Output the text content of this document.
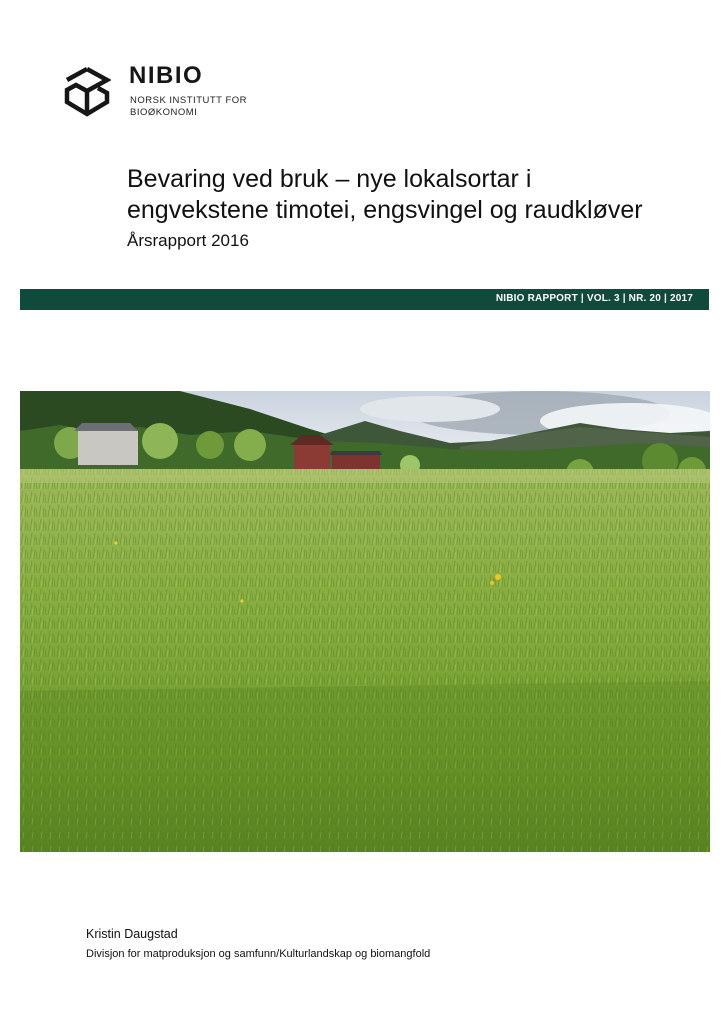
NIBIO
NORSK INSTITUTT FOR
BIOØKONOMI
Bevaring ved bruk – nye lokalsortar i
engvekstene timotei, engsvingel og raudkløver
Årsrapport 2016
NIBIO RAPPORT | VOL. 3 | NR. 20 | 2017
Kristin Daugstad
Divisjon for matproduksjon og samfunn/Kulturlandskap og biomangfold
